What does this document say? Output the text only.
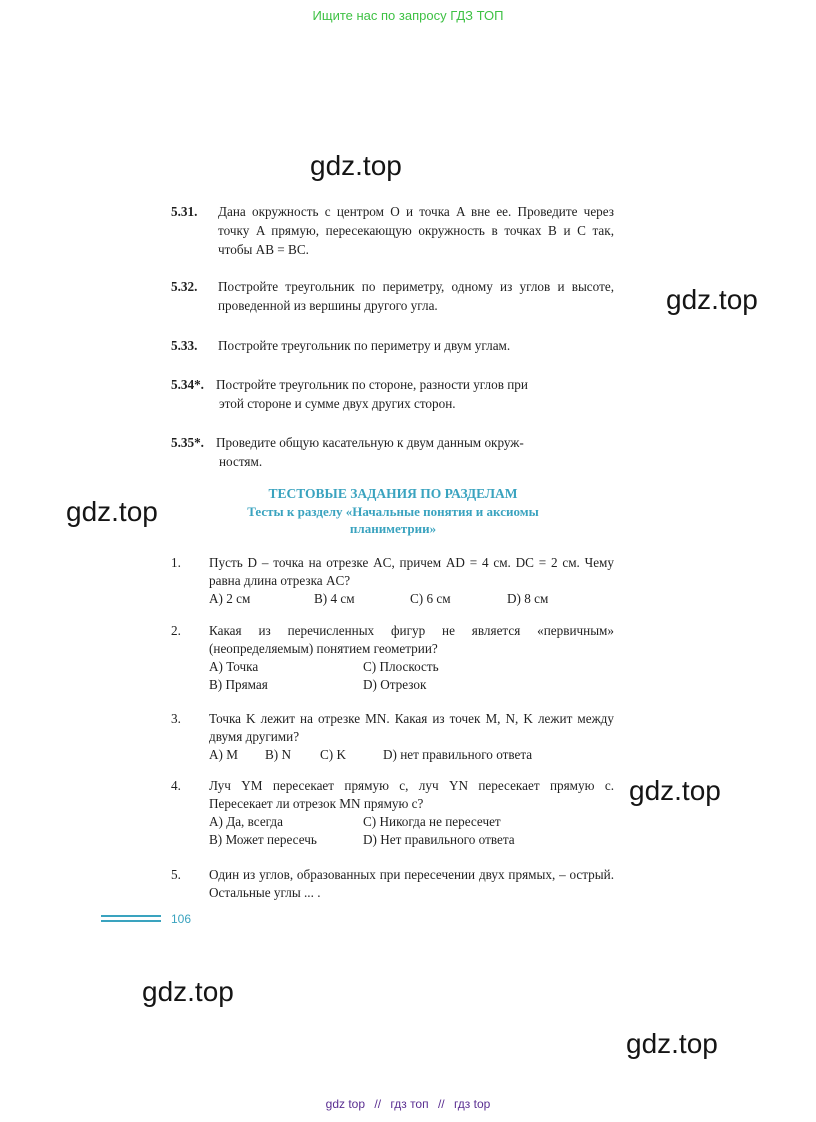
Ищите нас по запросу ГДЗ ТОП
gdz.top
gdz.top
gdz.top
gdz.top
gdz.top
gdz.top
5.31. Дана окружность с центром O и точка A вне ее. Проведите через точку A прямую, пересекающую окружность в точках B и C так, чтобы AB = BC.
5.32. Постройте треугольник по периметру, одному из углов и высоте, проведенной из вершины другого угла.
5.33. Постройте треугольник по периметру и двум углам.
5.34*. Постройте треугольник по стороне, разности углов при
этой стороне и сумме двух других сторон.
5.35*. Проведите общую касательную к двум данным окруж-
ностям.
ТЕСТОВЫЕ ЗАДАНИЯ ПО РАЗДЕЛАМ
Тесты к разделу «Начальные понятия и аксиомы
планиметрии»
1. Пусть D – точка на отрезке AC, причем AD = 4 см. DC = 2 см. Чему равна длина отрезка AC?
A) 2 см	B) 4 см	C) 6 см	D) 8 см
2. Какая из перечисленных фигур не является «первичным» (неопределяемым) понятием геометрии?
A) Точка	C) Плоскость
B) Прямая	D) Отрезок
3. Точка K лежит на отрезке MN. Какая из точек M, N, K лежит между двумя другими?
A) M	B) N	C) K	D) нет правильного ответа
4. Луч YM пересекает прямую c, луч YN пересекает прямую c. Пересекает ли отрезок MN прямую c?
A) Да, всегда	C) Никогда не пересечет
B) Может пересечь	D) Нет правильного ответа
5. Один из углов, образованных при пересечении двух прямых, – острый. Остальные углы ... .
106
gdz top // гдз топ // гдз top
